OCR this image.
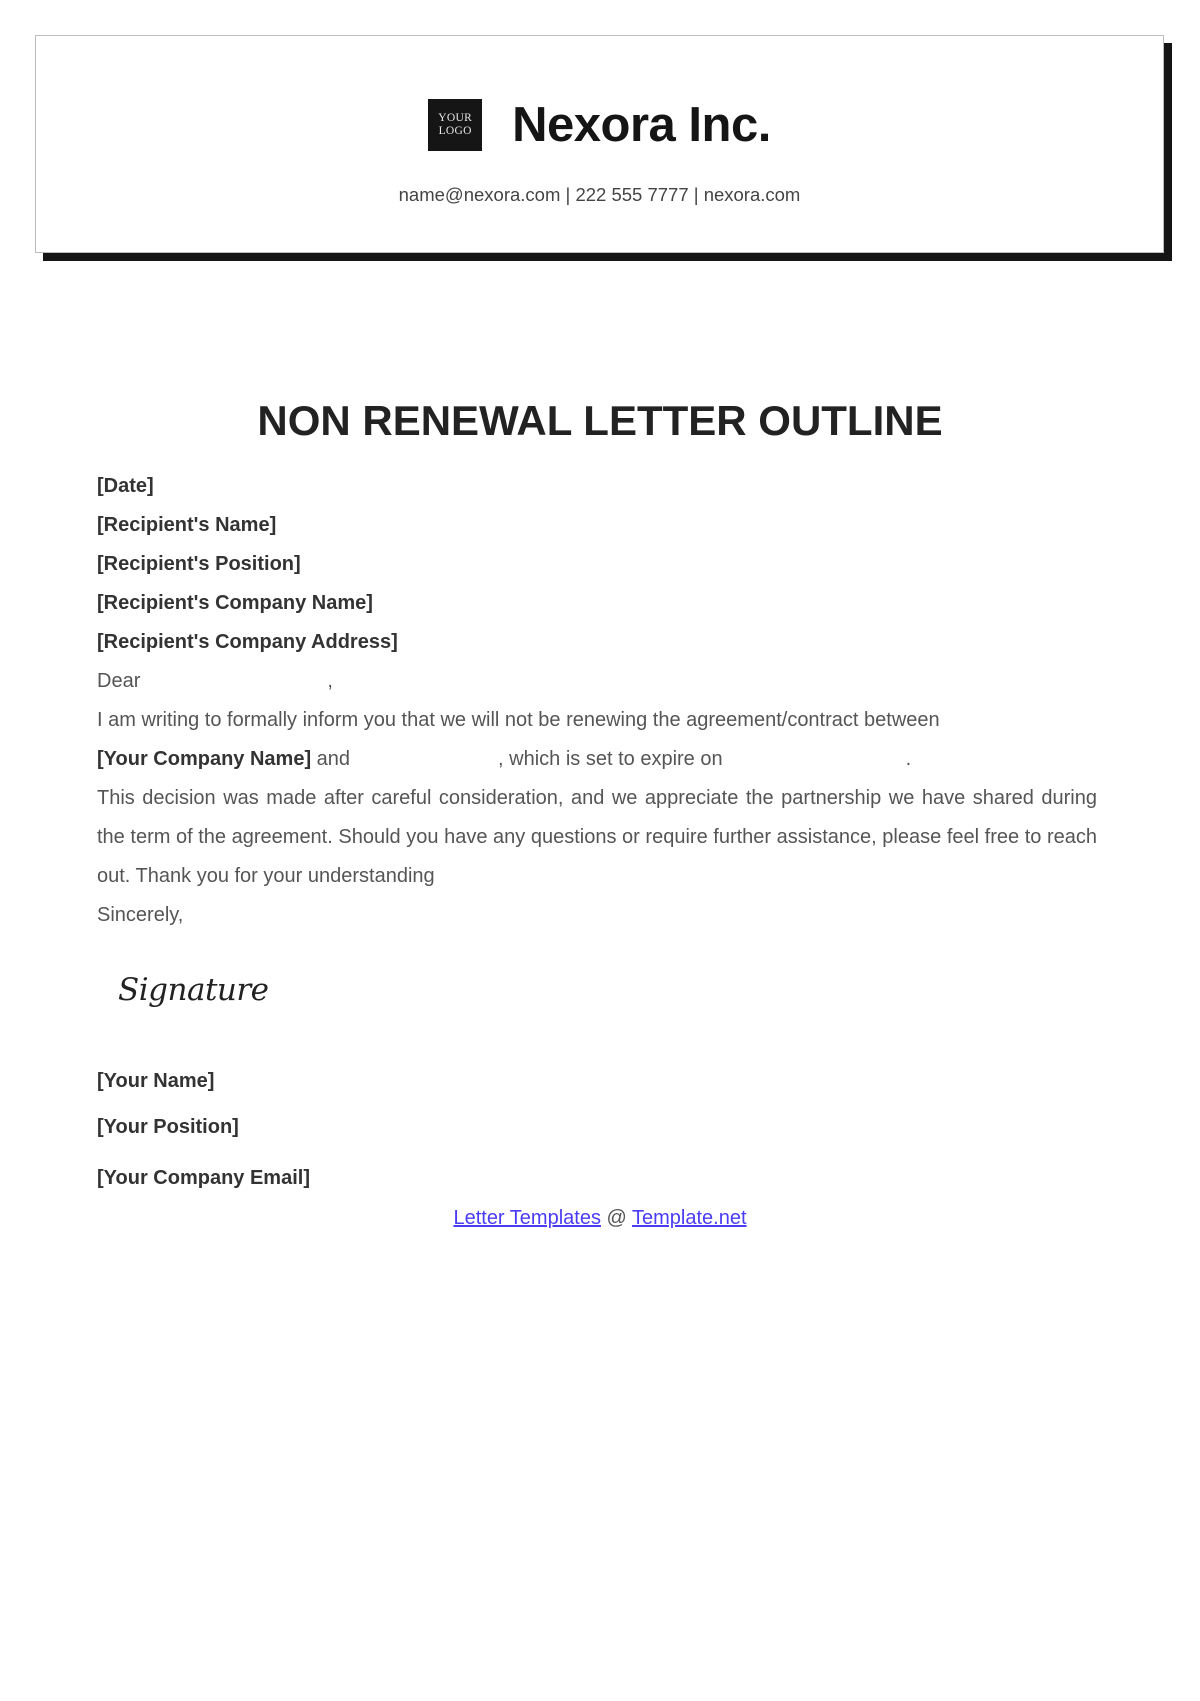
YOUR
LOGO Nexora Inc.
name@nexora.com | 222 555 7777 | nexora.com
NON RENEWAL LETTER OUTLINE
[Date]
[Recipient's Name]
[Recipient's Position]
[Recipient's Company Name]
[Recipient's Company Address]
Dear	,
I am writing to formally inform you that we will not be renewing the agreement/contract between
[Your Company Name] and	, which is set to expire on	.
This decision was made after careful consideration, and we appreciate the partnership we have shared during the term of the agreement. Should you have any questions or require further assistance, please feel free to reach out. Thank you for your understanding
Sincerely,
Signature
[Your Name]
[Your Position]
[Your Company Email]
Letter Templates @ Template.net
